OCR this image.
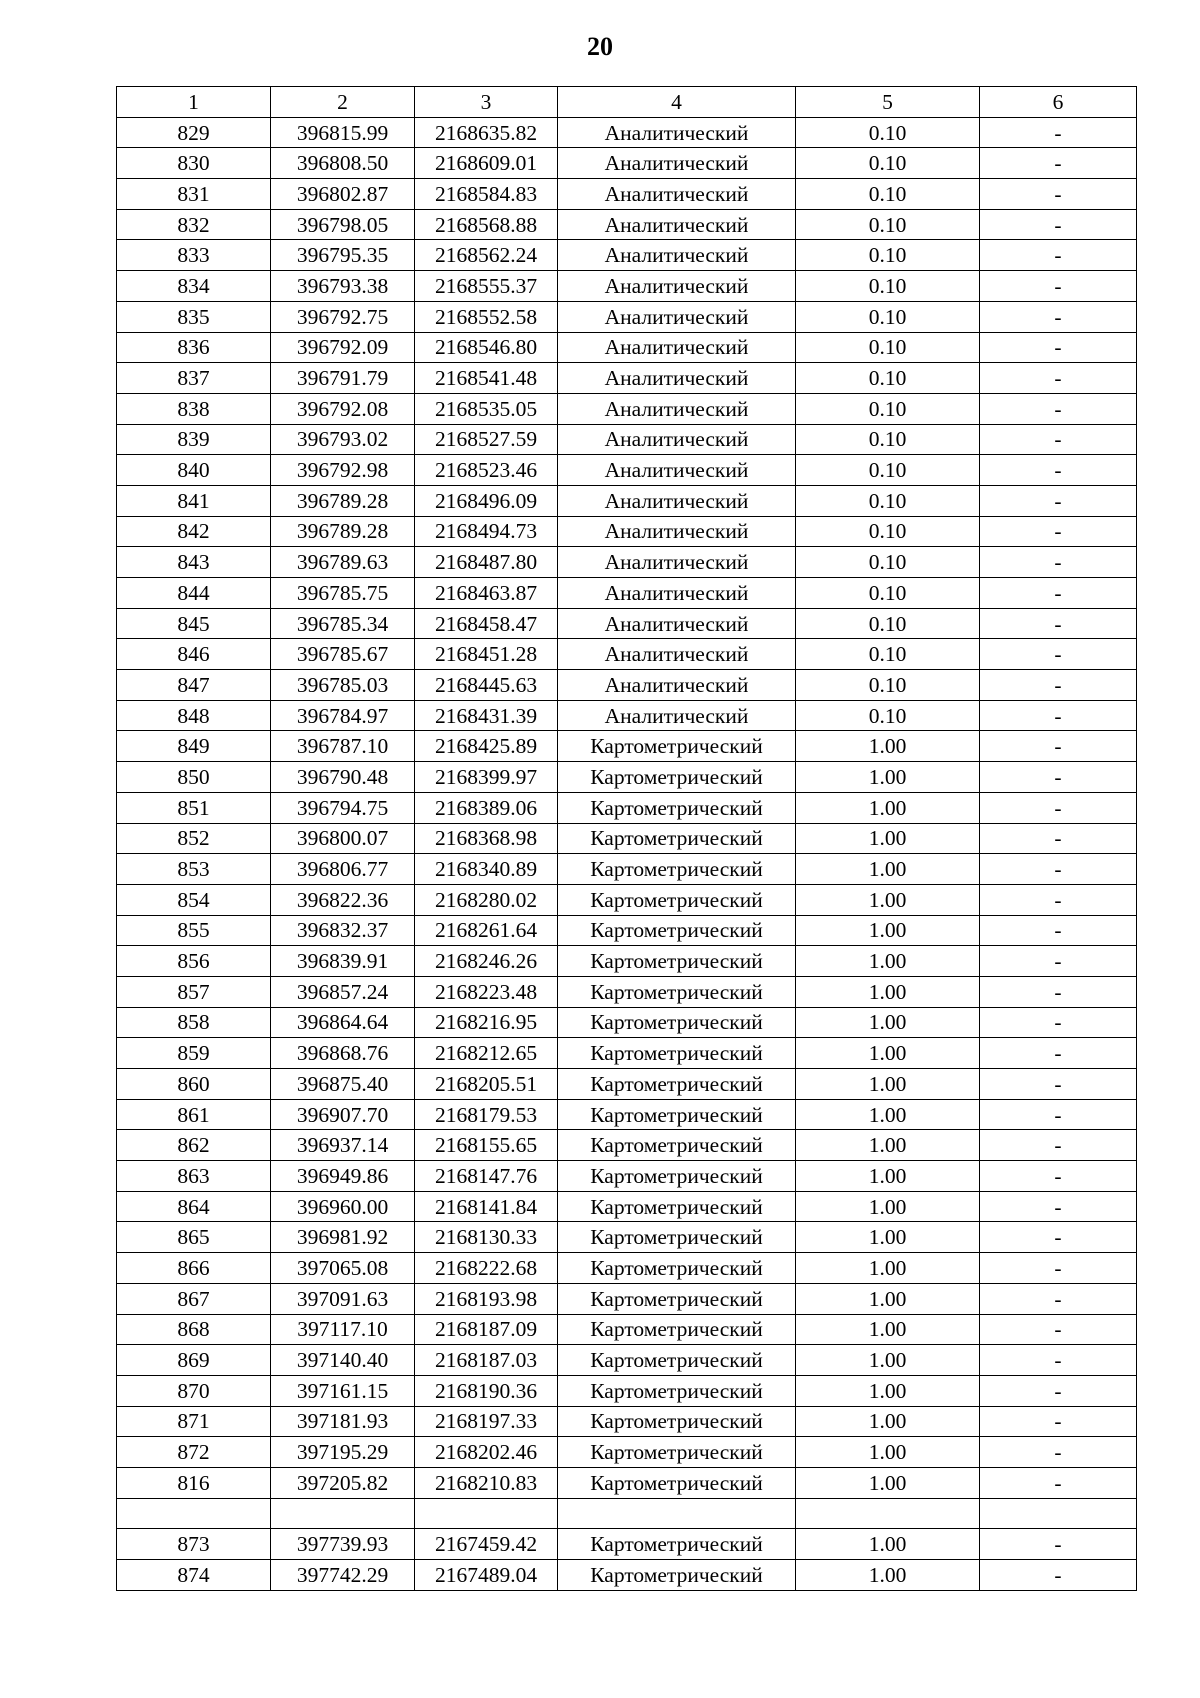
20
1	2	3	4	5	6
829	396815.99	2168635.82	Аналитический	0.10	-
830	396808.50	2168609.01	Аналитический	0.10	-
831	396802.87	2168584.83	Аналитический	0.10	-
832	396798.05	2168568.88	Аналитический	0.10	-
833	396795.35	2168562.24	Аналитический	0.10	-
834	396793.38	2168555.37	Аналитический	0.10	-
835	396792.75	2168552.58	Аналитический	0.10	-
836	396792.09	2168546.80	Аналитический	0.10	-
837	396791.79	2168541.48	Аналитический	0.10	-
838	396792.08	2168535.05	Аналитический	0.10	-
839	396793.02	2168527.59	Аналитический	0.10	-
840	396792.98	2168523.46	Аналитический	0.10	-
841	396789.28	2168496.09	Аналитический	0.10	-
842	396789.28	2168494.73	Аналитический	0.10	-
843	396789.63	2168487.80	Аналитический	0.10	-
844	396785.75	2168463.87	Аналитический	0.10	-
845	396785.34	2168458.47	Аналитический	0.10	-
846	396785.67	2168451.28	Аналитический	0.10	-
847	396785.03	2168445.63	Аналитический	0.10	-
848	396784.97	2168431.39	Аналитический	0.10	-
849	396787.10	2168425.89	Картометрический	1.00	-
850	396790.48	2168399.97	Картометрический	1.00	-
851	396794.75	2168389.06	Картометрический	1.00	-
852	396800.07	2168368.98	Картометрический	1.00	-
853	396806.77	2168340.89	Картометрический	1.00	-
854	396822.36	2168280.02	Картометрический	1.00	-
855	396832.37	2168261.64	Картометрический	1.00	-
856	396839.91	2168246.26	Картометрический	1.00	-
857	396857.24	2168223.48	Картометрический	1.00	-
858	396864.64	2168216.95	Картометрический	1.00	-
859	396868.76	2168212.65	Картометрический	1.00	-
860	396875.40	2168205.51	Картометрический	1.00	-
861	396907.70	2168179.53	Картометрический	1.00	-
862	396937.14	2168155.65	Картометрический	1.00	-
863	396949.86	2168147.76	Картометрический	1.00	-
864	396960.00	2168141.84	Картометрический	1.00	-
865	396981.92	2168130.33	Картометрический	1.00	-
866	397065.08	2168222.68	Картометрический	1.00	-
867	397091.63	2168193.98	Картометрический	1.00	-
868	397117.10	2168187.09	Картометрический	1.00	-
869	397140.40	2168187.03	Картометрический	1.00	-
870	397161.15	2168190.36	Картометрический	1.00	-
871	397181.93	2168197.33	Картометрический	1.00	-
872	397195.29	2168202.46	Картометрический	1.00	-
816	397205.82	2168210.83	Картометрический	1.00	-

873	397739.93	2167459.42	Картометрический	1.00	-
874	397742.29	2167489.04	Картометрический	1.00	-
